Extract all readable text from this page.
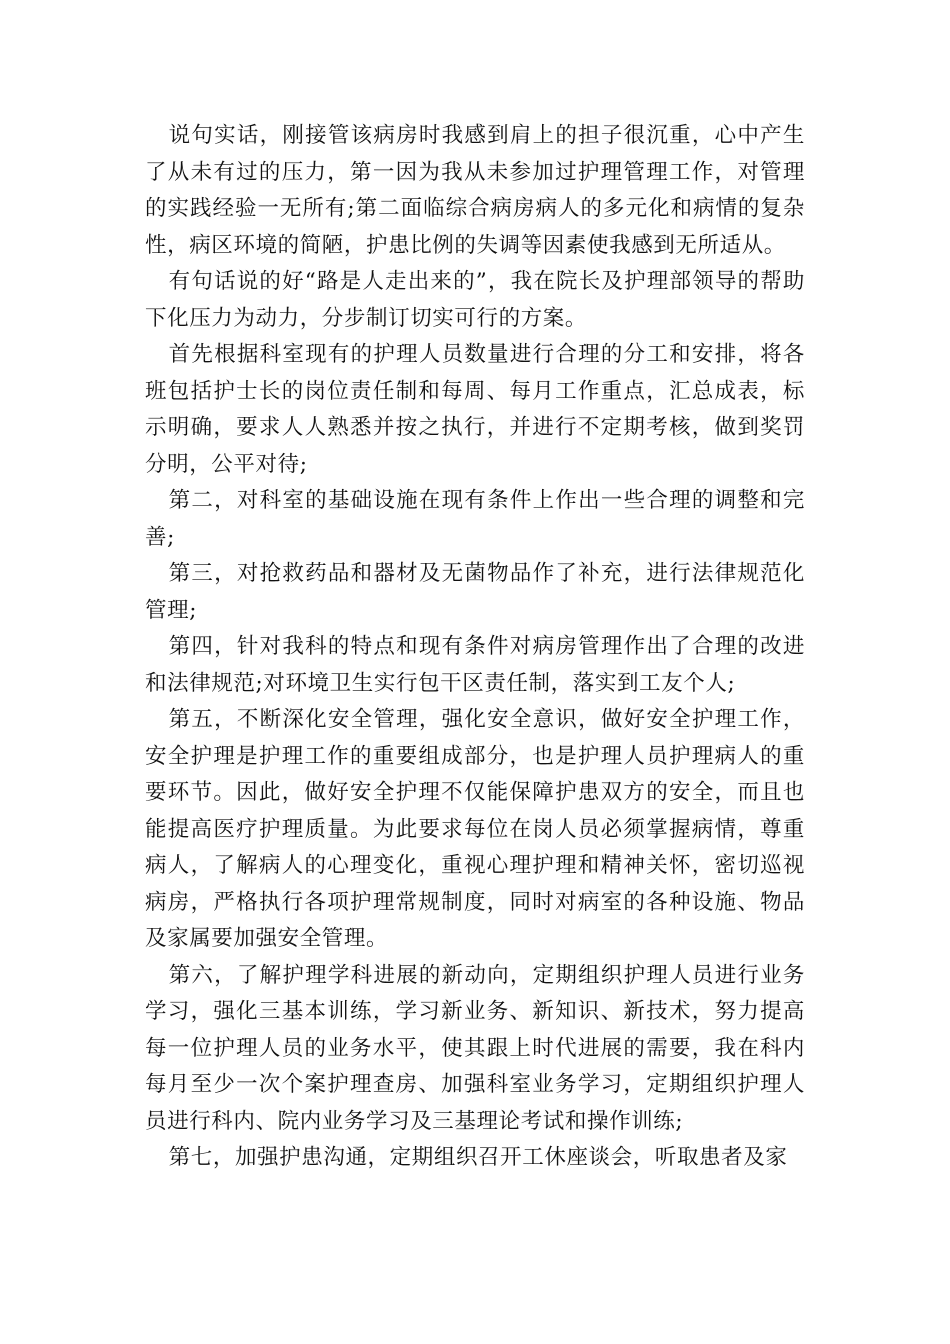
说句实话，刚接管该病房时我感到肩上的担子很沉重，心中产生了从未有过的压力，第一因为我从未参加过护理管理工作，对管理的实践经验一无所有;第二面临综合病房病人的多元化和病情的复杂性，病区环境的简陋，护患比例的失调等因素使我感到无所适从。

有句话说的好“路是人走出来的”，我在院长及护理部领导的帮助下化压力为动力，分步制订切实可行的方案。

首先根据科室现有的护理人员数量进行合理的分工和安排，将各班包括护士长的岗位责任制和每周、每月工作重点，汇总成表，标示明确，要求人人熟悉并按之执行，并进行不定期考核，做到奖罚分明，公平对待;

第二，对科室的基础设施在现有条件上作出一些合理的调整和完善;

第三，对抢救药品和器材及无菌物品作了补充，进行法律规范化管理;

第四，针对我科的特点和现有条件对病房管理作出了合理的改进和法律规范;对环境卫生实行包干区责任制，落实到工友个人;

第五，不断深化安全管理，强化安全意识，做好安全护理工作，安全护理是护理工作的重要组成部分，也是护理人员护理病人的重要环节。因此，做好安全护理不仅能保障护患双方的安全，而且也能提高医疗护理质量。为此要求每位在岗人员必须掌握病情，尊重病人，了解病人的心理变化，重视心理护理和精神关怀，密切巡视病房，严格执行各项护理常规制度，同时对病室的各种设施、物品及家属要加强安全管理。

第六，了解护理学科进展的新动向，定期组织护理人员进行业务学习，强化三基本训练，学习新业务、新知识、新技术，努力提高每一位护理人员的业务水平，使其跟上时代进展的需要，我在科内每月至少一次个案护理查房、加强科室业务学习，定期组织护理人员进行科内、院内业务学习及三基理论考试和操作训练;

第七，加强护患沟通，定期组织召开工休座谈会，听取患者及家
